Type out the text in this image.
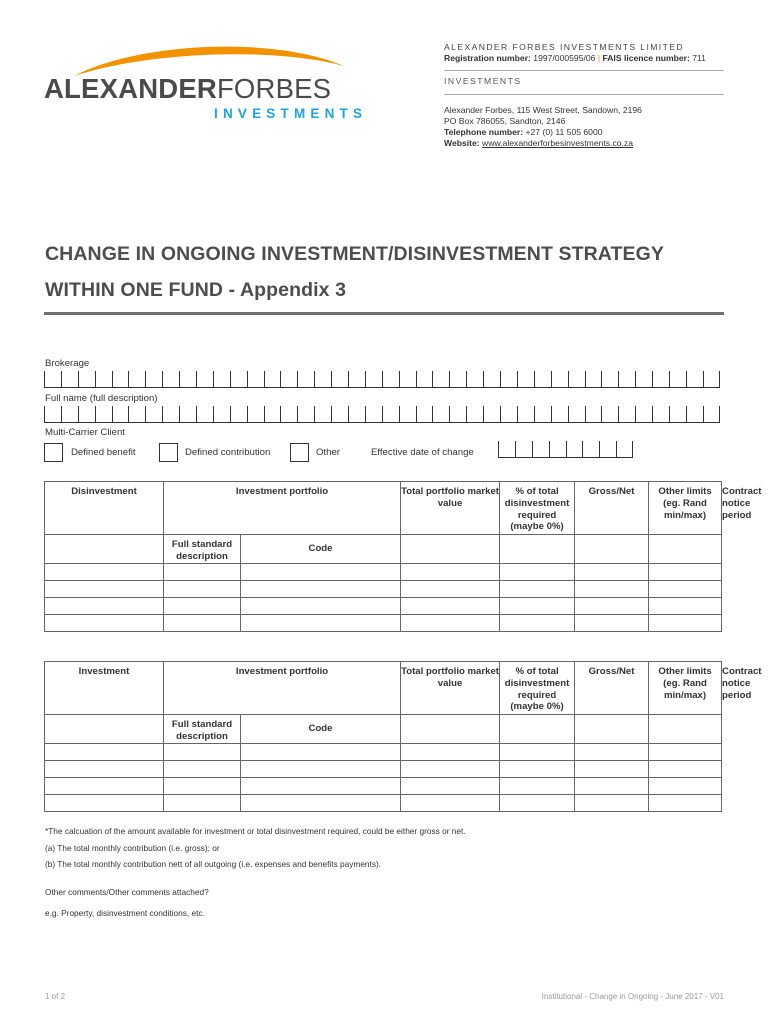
ALEXANDERFORBES
INVESTMENTS
ALEXANDER FORBES INVESTMENTS LIMITED
Registration number: 1997/000595/06 | FAIS licence number: 711
INVESTMENTS
Alexander Forbes, 115 West Street, Sandown, 2196
PO Box 786055, Sandton, 2146
Telephone number: +27 (0) 11 505 6000
Website: www.alexanderforbesinvestments.co.za
CHANGE IN ONGOING INVESTMENT/DISINVESTMENT STRATEGY
WITHIN ONE FUND - Appendix 3
Brokerage
Full name (full description)
Multi-Carrier Client
Defined benefit	Defined contribution	Other	Effective date of change
Disinvestment	Investment portfolio		Total portfolio market value	% of total disinvestment required (maybe 0%)	Gross/Net	Other limits (eg. Rand min/max)	Contract notice period
	Full standard description	Code					

Investment	Investment portfolio		Total portfolio market value	% of total disinvestment required (maybe 0%)	Gross/Net	Other limits (eg. Rand min/max)	Contract notice period
	Full standard description	Code					

*The calcuation of the amount available for investment or total disinvestment required, could be either gross or net.
(a) The total monthly contribution (i.e. gross); or
(b) The total monthly contribution nett of all outgoing (i.e. expenses and benefits payments).
Other comments/Other comments attached?
e.g. Property, disinvestment conditions, etc.
1 of 2	Institutional - Change in Ongoing - June 2017 - V01
